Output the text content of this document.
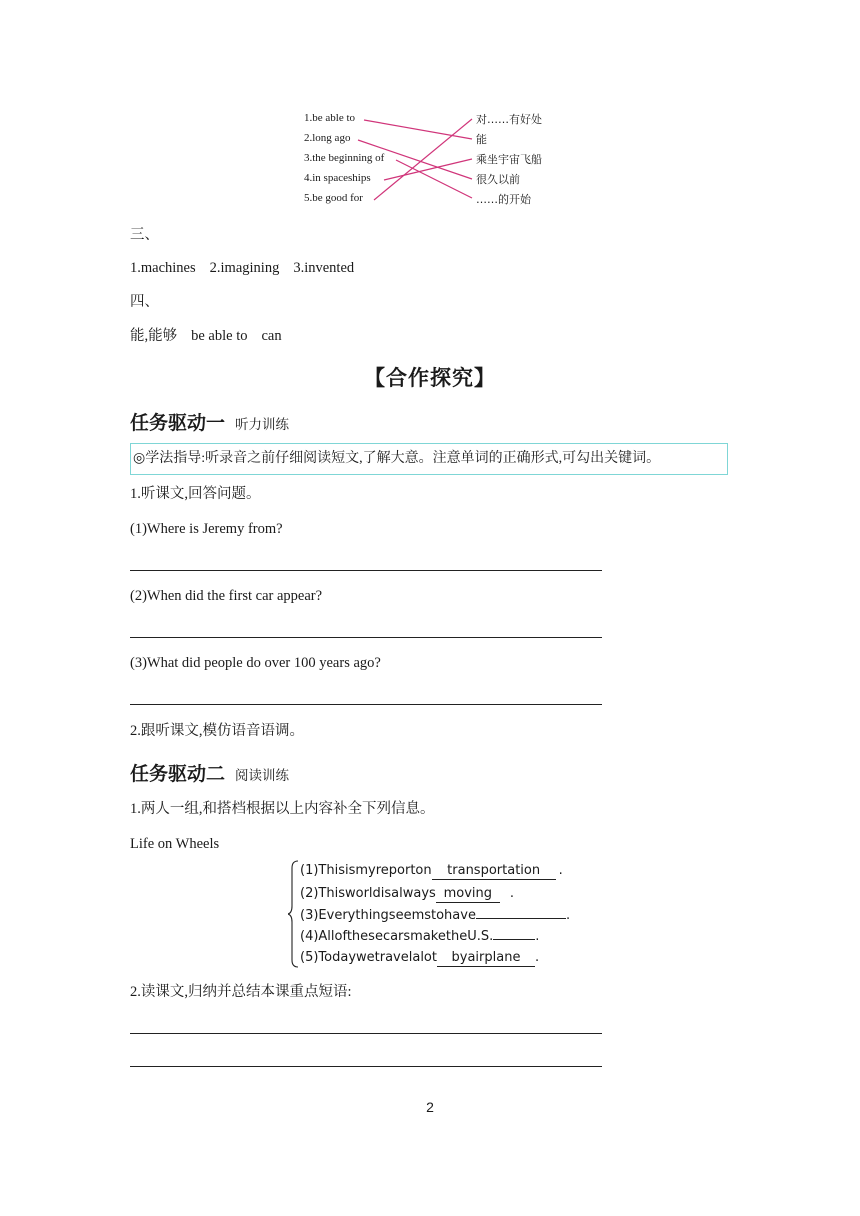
1.be able to
2.long ago
3.the beginning of
4.in spaceships
5.be good for
对……有好处
能
乘坐宇宙飞船
很久以前
……的开始
三、
1.machines 2.imagining 3.invented
四、
能,能够 be able to can
【合作探究】
任务驱动一 听力训练
◎学法指导:听录音之前仔细阅读短文,了解大意。注意单词的正确形式,可勾出关键词。
1.听课文,回答问题。
(1)Where is Jeremy from?
(2)When did the first car appear?
(3)What did people do over 100 years ago?
2.跟听课文,模仿语音语调。
任务驱动二 阅读训练
1.两人一组,和搭档根据以上内容补全下列信息。
Life on Wheels
(1)Thisismyreporton transportation .
(2)Thisworldisalways moving .
(3)Everythingseemstohave	.
(4)AllofthesecarsmaketheU.S.	.
(5)Todaywetravelalot byairplane .
2.读课文,归纳并总结本课重点短语:
2
